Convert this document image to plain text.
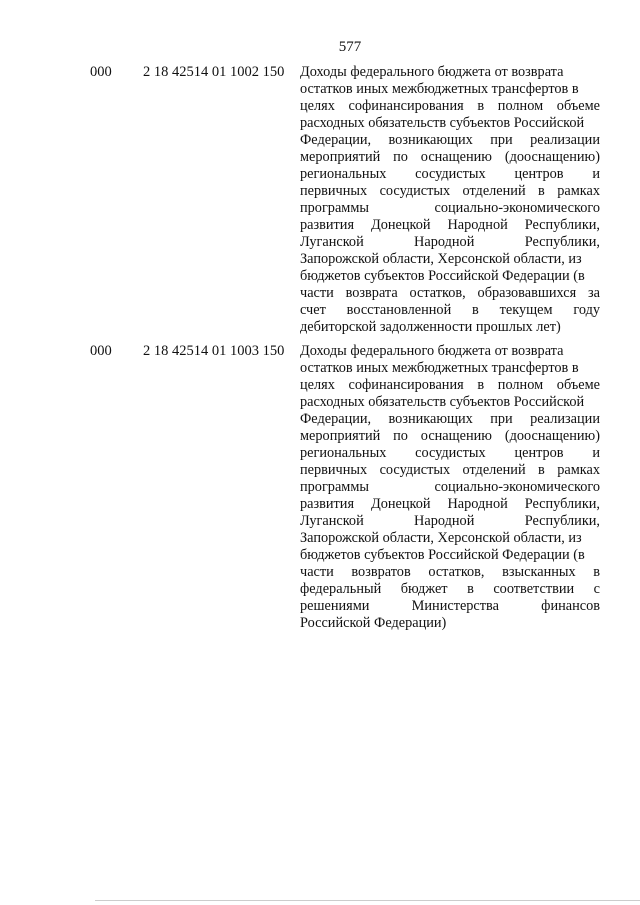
577
000	2 18 42514 01 1002 150	Доходы федерального бюджета от возврата
остатков иных межбюджетных трансфертов в
целях софинансирования в полном объеме
расходных обязательств субъектов Российской
Федерации, возникающих при реализации
мероприятий по оснащению (дооснащению)
региональных сосудистых центров и
первичных сосудистых отделений в рамках
программы социально-экономического
развития Донецкой Народной Республики,
Луганской Народной Республики,
Запорожской области, Херсонской области, из
бюджетов субъектов Российской Федерации (в
части возврата остатков, образовавшихся за
счет восстановленной в текущем году
дебиторской задолженности прошлых лет)
000	2 18 42514 01 1003 150	Доходы федерального бюджета от возврата
остатков иных межбюджетных трансфертов в
целях софинансирования в полном объеме
расходных обязательств субъектов Российской
Федерации, возникающих при реализации
мероприятий по оснащению (дооснащению)
региональных сосудистых центров и
первичных сосудистых отделений в рамках
программы социально-экономического
развития Донецкой Народной Республики,
Луганской Народной Республики,
Запорожской области, Херсонской области, из
бюджетов субъектов Российской Федерации (в
части возвратов остатков, взысканных в
федеральный бюджет в соответствии с
решениями Министерства финансов
Российской Федерации)
